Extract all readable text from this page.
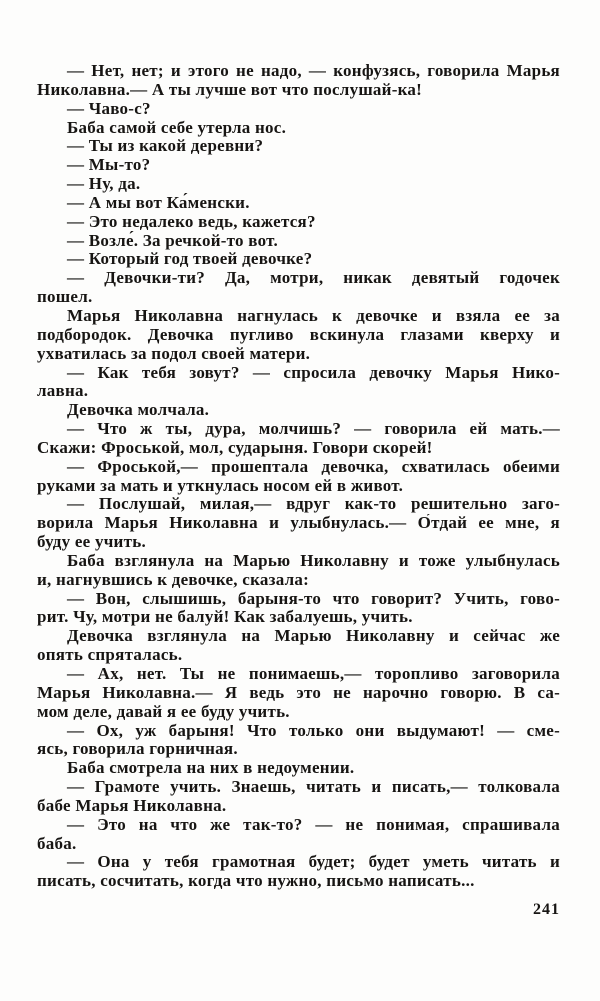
— Нет, нет; и этого не надо, — конфузясь, говорила Марья
Николавна.— А ты лучше вот что послушай-ка!
— Чаво-с?
Баба самой себе утерла нос.
— Ты из какой деревни?
— Мы-то?
— Ну, да.
— А мы вот Ка́менски.
— Это недалеко ведь, кажется?
— Возле́. За речкой-то вот.
— Который год твоей девочке?
— Девочки-ти? Да, мотри, никак девятый годочек
пошел.
Марья Николавна нагнулась к девочке и взяла ее за
подбородок. Девочка пугливо вскинула глазами кверху и
ухватилась за подол своей матери.
— Как тебя зовут? — спросила девочку Марья Нико-
лавна.
Девочка молчала.
— Что ж ты, дура, молчишь? — говорила ей мать.—
Скажи: Фроськой, мол, сударыня. Говори скорей!
— Фроськой,— прошептала девочка, схватилась обеими
руками за мать и уткнулась носом ей в живот.
— Послушай, милая,— вдруг как-то решительно заго-
ворила Марья Николавна и улыбнулась.— О́тдай ее мне, я
буду ее учить.
Баба взглянула на Марью Николавну и тоже улыбнулась
и, нагнувшись к девочке, сказала:
— Вон, слышишь, барыня-то что говорит? Учить, гово-
рит. Чу, мотри не балуй! Как забалуешь, учить.
Девочка взглянула на Марью Николавну и сейчас же
опять спряталась.
— Ах, нет. Ты не понимаешь,— торопливо заговорила
Марья Николавна.— Я ведь это не нарочно говорю. В са-
мом деле, давай я ее буду учить.
— Ох, уж барыня! Что только они выдумают! — сме-
ясь, говорила горничная.
Баба смотрела на них в недоумении.
— Грамоте учить. Знаешь, читать и писать,— толковала
бабе Марья Николавна.
— Это на что же так-то? — не понимая, спрашивала
баба.
— Она у тебя грамотная будет; будет уметь читать и
писать, сосчитать, когда что нужно, письмо написать...
241
